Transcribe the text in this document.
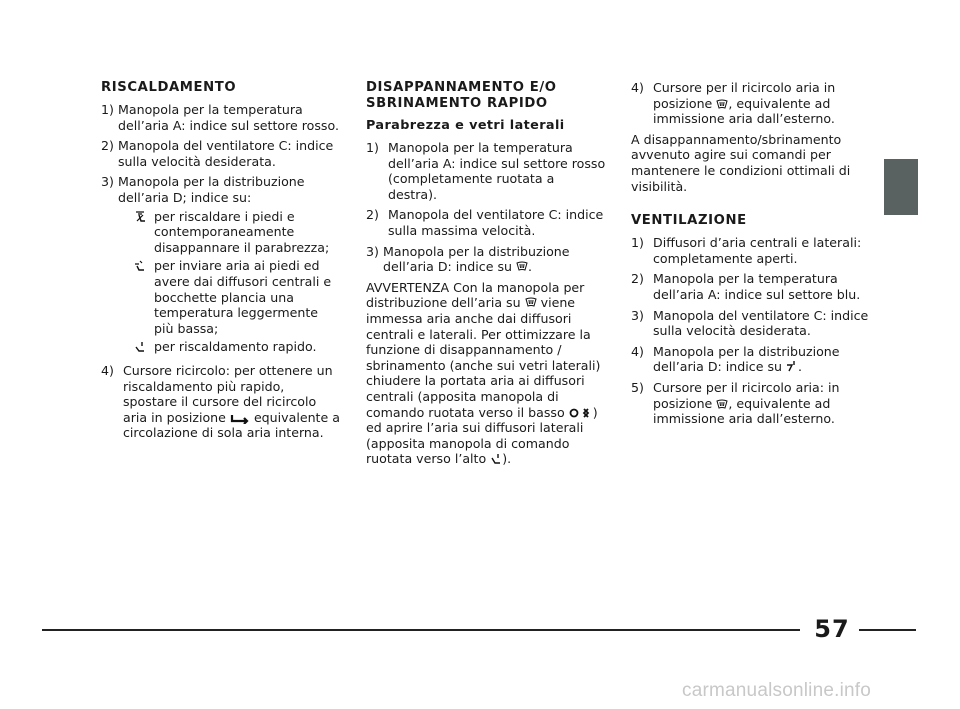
RISCALDAMENTO
1) Manopola per la temperatura dell’aria A: indice sul settore rosso.
2) Manopola del ventilatore C: indice sulla velocità desiderata.
3) Manopola per la distribuzione dell’aria D; indice su:
per riscaldare i piedi e contemporaneamente disappannare il parabrezza;
per inviare aria ai piedi ed avere dai diffusori centrali e bocchette plancia una temperatura leggermente più bassa;
per riscaldamento rapido.
4) Cursore ricircolo: per ottenere un riscaldamento più rapido, spostare il cursore del ricircolo aria in posizione equivalente a circolazione di sola aria interna.
DISAPPANNAMENTO E/O SBRINAMENTO RAPIDO
Parabrezza e vetri laterali
1) Manopola per la temperatura dell’aria A: indice sul settore rosso (completamente ruotata a destra).
2) Manopola del ventilatore C: indice sulla massima velocità.
3) Manopola per la distribuzione dell’aria D: indice su .

AVVERTENZA Con la manopola per distribuzione dell’aria su viene immessa aria anche dai diffusori centrali e laterali. Per ottimizzare la funzione di disappannamento / sbrinamento (anche sui vetri laterali) chiudere la portata aria ai diffusori centrali (apposita manopola di comando ruotata verso il basso ) ed aprire l’aria sui diffusori laterali (apposita manopola di comando ruotata verso l’alto ).

4) Cursore per il ricircolo aria in posizione , equivalente ad immissione aria dall’esterno.

A disappannamento/sbrinamento avvenuto agire sui comandi per mantenere le condizioni ottimali di visibilità.

VENTILAZIONE
1) Diffusori d’aria centrali e laterali: completamente aperti.
2) Manopola per la temperatura dell’aria A: indice sul settore blu.
3) Manopola del ventilatore C: indice sulla velocità desiderata.
4) Manopola per la distribuzione dell’aria D: indice su .
5) Cursore per il ricircolo aria: in posizione , equivalente ad immissione aria dall’esterno.
57
carmanualsonline.info
